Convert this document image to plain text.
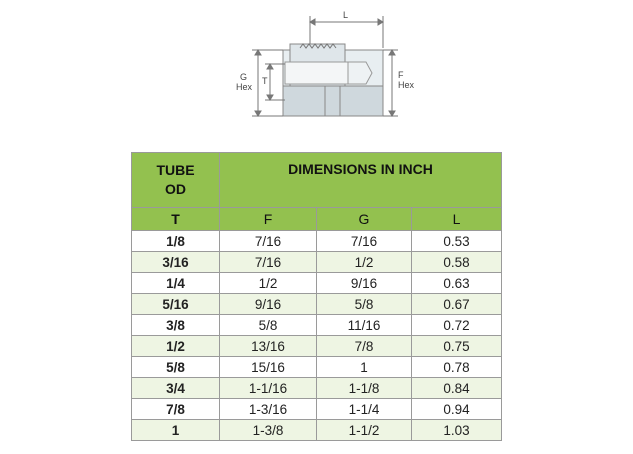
L
G
Hex
T
F
Hex
TUBE
OD	DIMENSIONS IN INCH		
T	F	G	L
1/8	7/16	7/16	0.53
3/16	7/16	1/2	0.58
1/4	1/2	9/16	0.63
5/16	9/16	5/8	0.67
3/8	5/8	11/16	0.72
1/2	13/16	7/8	0.75
5/8	15/16	1	0.78
3/4	1-1/16	1-1/8	0.84
7/8	1-3/16	1-1/4	0.94
1	1-3/8	1-1/2	1.03
